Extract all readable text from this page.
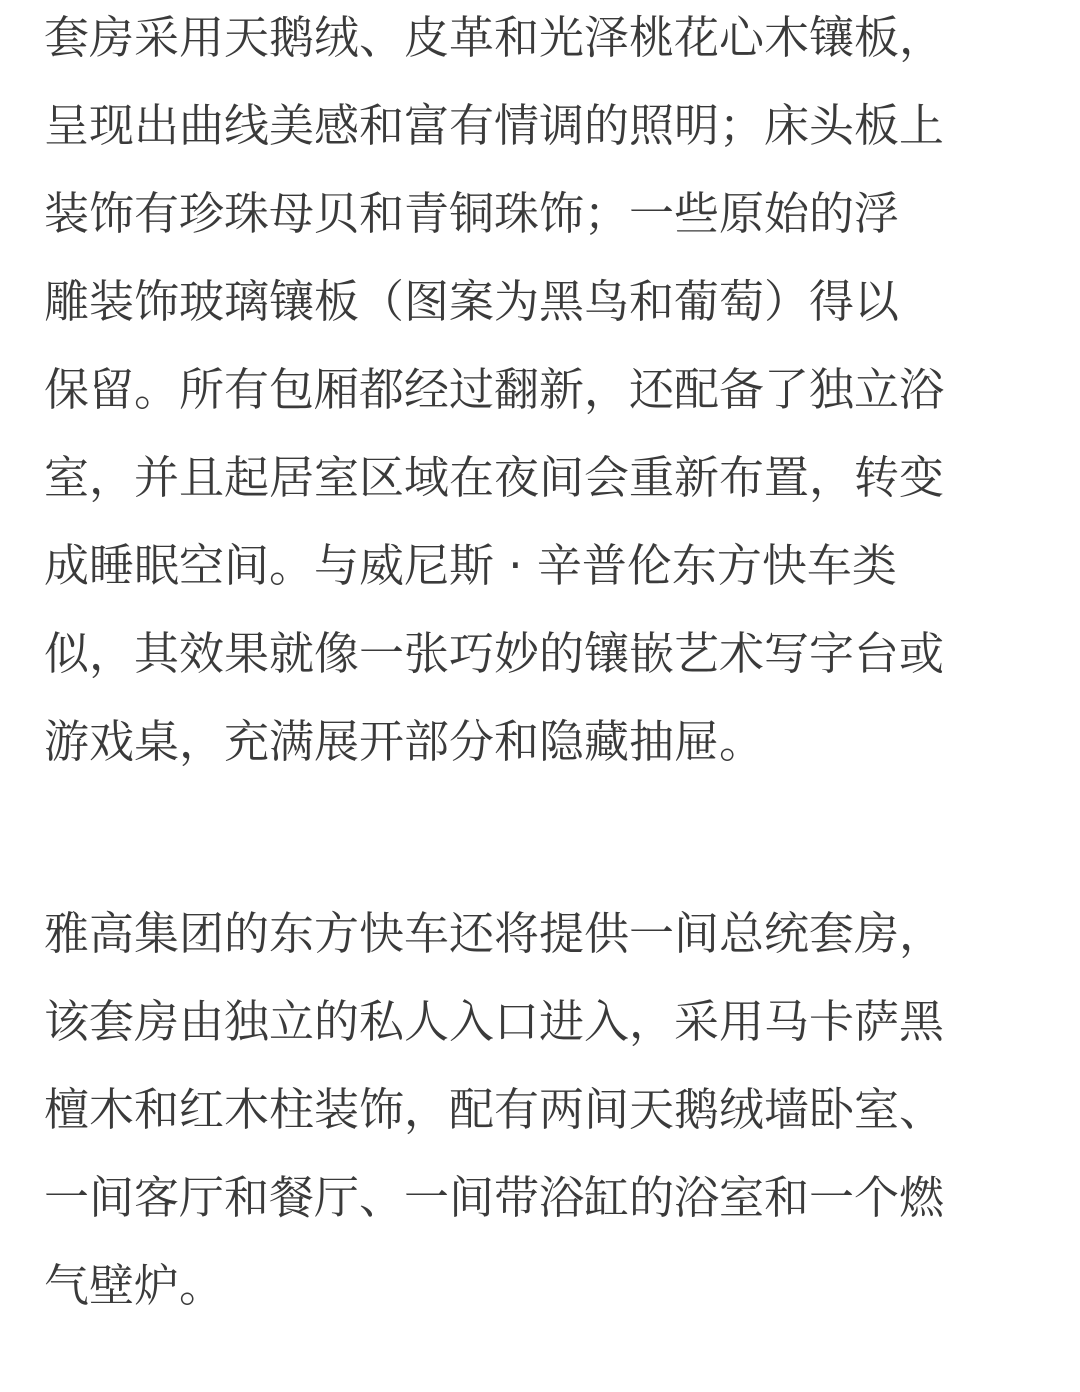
套房采用天鹅绒、皮革和光泽桃花心木镶板，
呈现出曲线美感和富有情调的照明；床头板上
装饰有珍珠母贝和青铜珠饰；一些原始的浮
雕装饰玻璃镶板（图案为黑鸟和葡萄）得以
保留。所有包厢都经过翻新，还配备了独立浴
室，并且起居室区域在夜间会重新布置，转变
成睡眠空间。与威尼斯 · 辛普伦东方快车类
似，其效果就像一张巧妙的镶嵌艺术写字台或
游戏桌，充满展开部分和隐藏抽屉。
雅高集团的东方快车还将提供一间总统套房，
该套房由独立的私人入口进入，采用马卡萨黑
檀木和红木柱装饰，配有两间天鹅绒墙卧室、
一间客厅和餐厅、一间带浴缸的浴室和一个燃
气壁炉。
